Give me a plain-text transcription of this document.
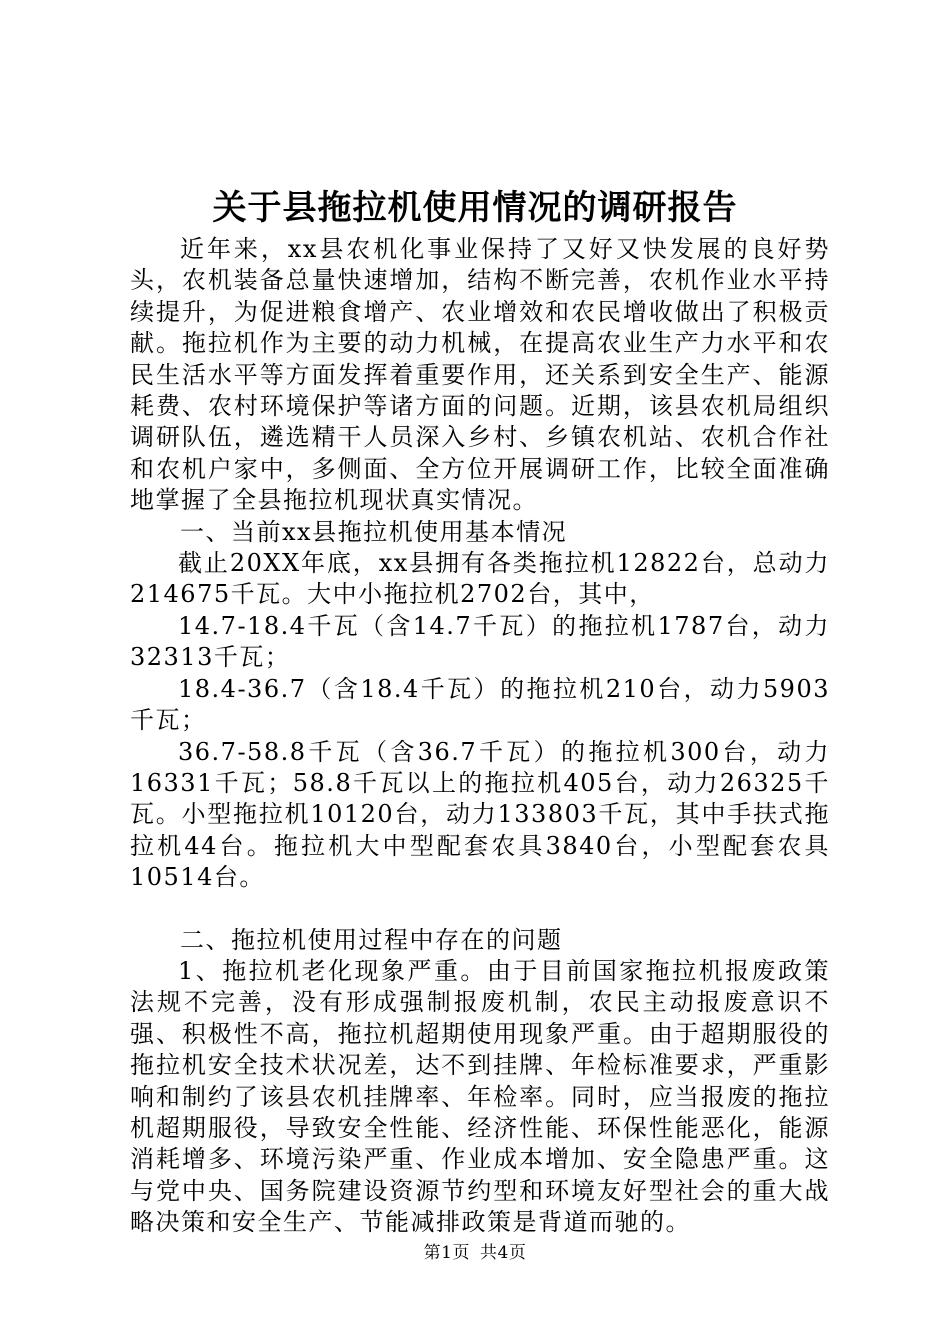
关于县拖拉机使用情况的调研报告

近年来，xx县农机化事业保持了又好又快发展的良好势头，农机装备总量快速增加，结构不断完善，农机作业水平持续提升，为促进粮食增产、农业增效和农民增收做出了积极贡献。拖拉机作为主要的动力机械，在提高农业生产力水平和农民生活水平等方面发挥着重要作用，还关系到安全生产、能源耗费、农村环境保护等诸方面的问题。近期，该县农机局组织调研队伍，遴选精干人员深入乡村、乡镇农机站、农机合作社和农机户家中，多侧面、全方位开展调研工作，比较全面准确地掌握了全县拖拉机现状真实情况。

一、当前xx县拖拉机使用基本情况

截止20XX年底，xx县拥有各类拖拉机12822台，总动力214675千瓦。大中小拖拉机2702台，其中，

14.7-18.4千瓦（含14.7千瓦）的拖拉机1787台，动力32313千瓦；

18.4-36.7（含18.4千瓦）的拖拉机210台，动力5903千瓦；

36.7-58.8千瓦（含36.7千瓦）的拖拉机300台，动力16331千瓦；58.8千瓦以上的拖拉机405台，动力26325千瓦。小型拖拉机10120台，动力133803千瓦，其中手扶式拖拉机44台。拖拉机大中型配套农具3840台，小型配套农具10514台。

二、拖拉机使用过程中存在的问题

1、拖拉机老化现象严重。由于目前国家拖拉机报废政策法规不完善，没有形成强制报废机制，农民主动报废意识不强、积极性不高，拖拉机超期使用现象严重。由于超期服役的拖拉机安全技术状况差，达不到挂牌、年检标准要求，严重影响和制约了该县农机挂牌率、年检率。同时，应当报废的拖拉机超期服役，导致安全性能、经济性能、环保性能恶化，能源消耗增多、环境污染严重、作业成本增加、安全隐患严重。这与党中央、国务院建设资源节约型和环境友好型社会的重大战略决策和安全生产、节能减排政策是背道而驰的。

第1页 共4页
